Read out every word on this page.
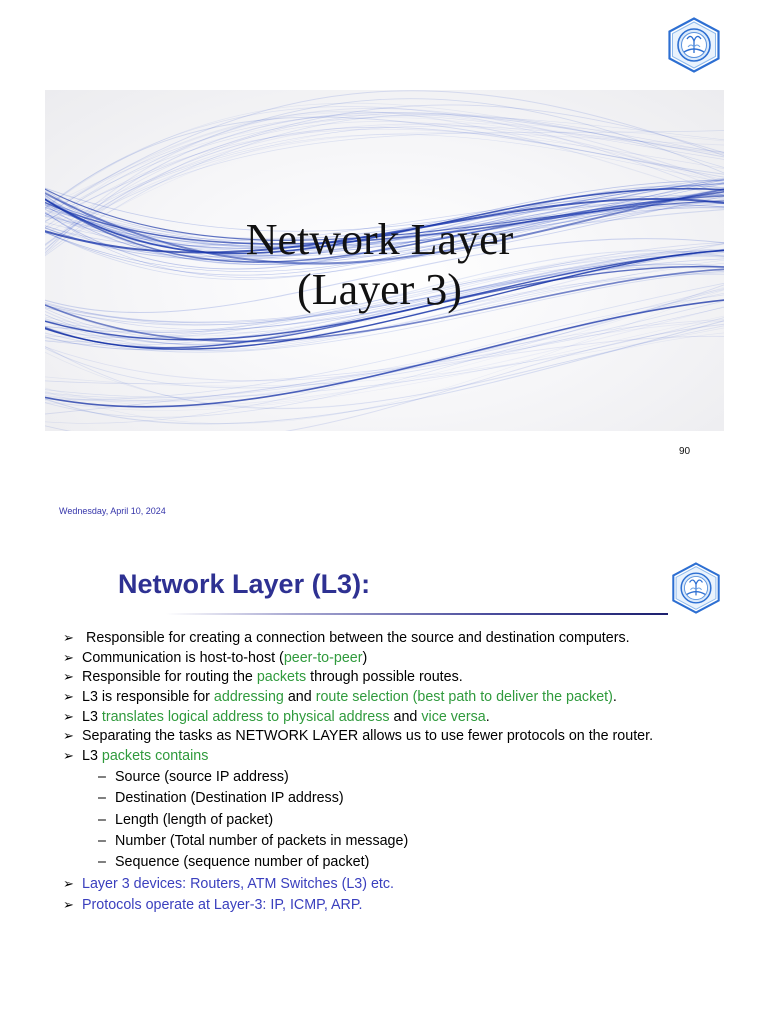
Network Layer
(Layer 3)
90
Wednesday, April 10, 2024
Network Layer (L3):
➢ Responsible for creating a connection between the source and destination computers.
➢ Communication is host-to-host (peer-to-peer)
➢ Responsible for routing the packets through possible routes.
➢ L3 is responsible for addressing and route selection (best path to deliver the packet).
➢ L3 translates logical address to physical address and vice versa.
➢ Separating the tasks as NETWORK LAYER allows us to use fewer protocols on the router.
➢ L3 packets contains
– Source (source IP address)
– Destination (Destination IP address)
– Length (length of packet)
– Number (Total number of packets in message)
– Sequence (sequence number of packet)
➢ Layer 3 devices: Routers, ATM Switches (L3) etc.
➢ Protocols operate at Layer-3: IP, ICMP, ARP.
